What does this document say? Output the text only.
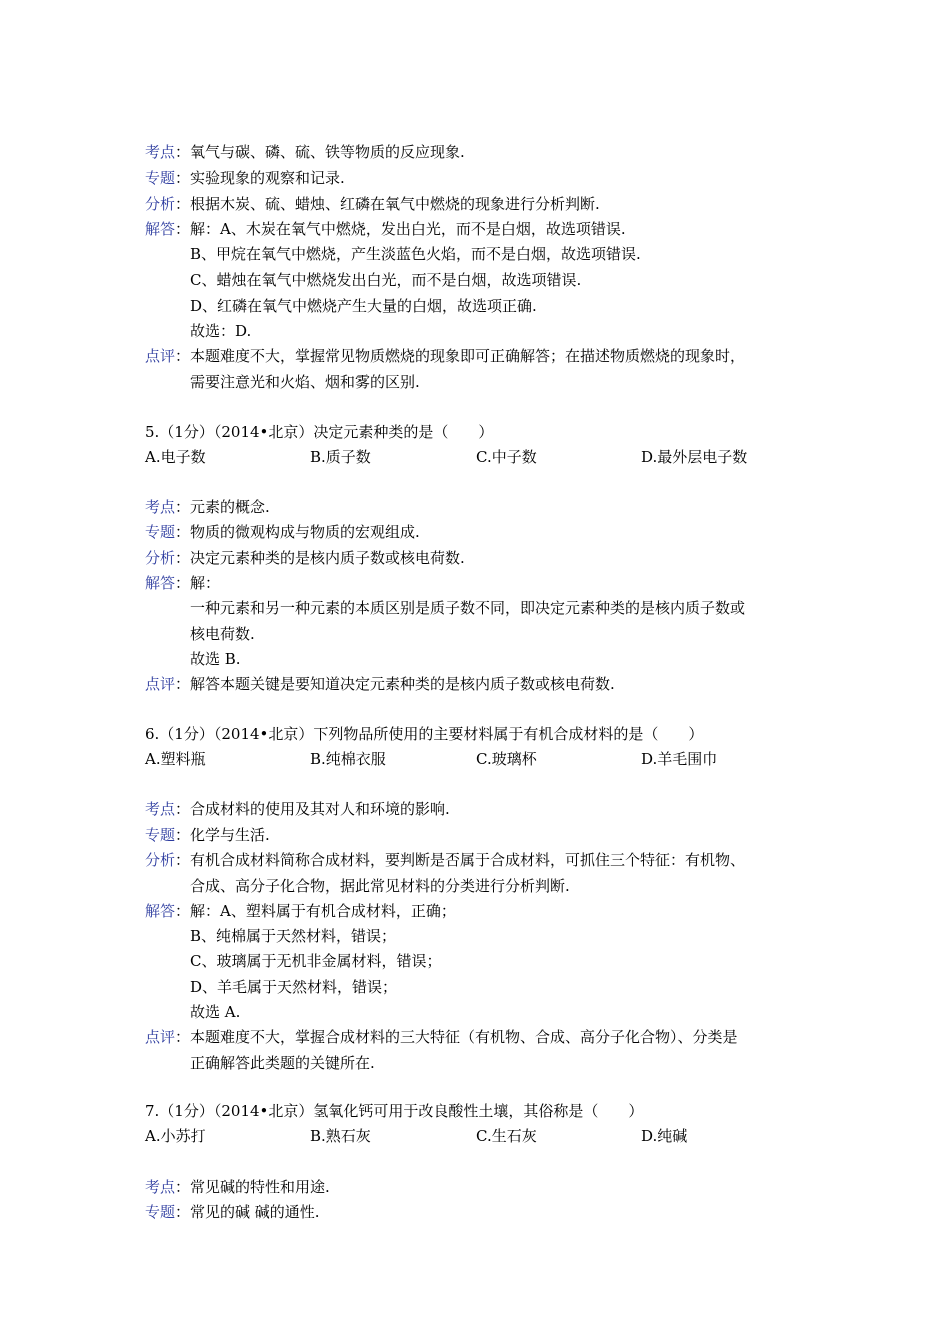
考点：氧气与碳、磷、硫、铁等物质的反应现象.
专题：实验现象的观察和记录.
分析：根据木炭、硫、蜡烛、红磷在氧气中燃烧的现象进行分析判断.
解答：解：A、木炭在氧气中燃烧，发出白光，而不是白烟，故选项错误.
B、甲烷在氧气中燃烧，产生淡蓝色火焰，而不是白烟，故选项错误.
C、蜡烛在氧气中燃烧发出白光，而不是白烟，故选项错误.
D、红磷在氧气中燃烧产生大量的白烟，故选项正确.
故选：D.
点评：本题难度不大，掌握常见物质燃烧的现象即可正确解答；在描述物质燃烧的现象时，
需要注意光和火焰、烟和雾的区别.
5.（1分）（2014•北京）决定元素种类的是（　　）
A.电子数	B.质子数	C.中子数	D.最外层电子数
考点：元素的概念.
专题：物质的微观构成与物质的宏观组成.
分析：决定元素种类的是核内质子数或核电荷数.
解答：解：
一种元素和另一种元素的本质区别是质子数不同，即决定元素种类的是核内质子数或
核电荷数.
故选 B.
点评：解答本题关键是要知道决定元素种类的是核内质子数或核电荷数.
6.（1分）（2014•北京）下列物品所使用的主要材料属于有机合成材料的是（　　）
A.塑料瓶	B.纯棉衣服	C.玻璃杯	D.羊毛围巾
考点：合成材料的使用及其对人和环境的影响.
专题：化学与生活.
分析：有机合成材料简称合成材料，要判断是否属于合成材料，可抓住三个特征：有机物、
合成、高分子化合物，据此常见材料的分类进行分析判断.
解答：解：A、塑料属于有机合成材料，正确；
B、纯棉属于天然材料，错误；
C、玻璃属于无机非金属材料，错误；
D、羊毛属于天然材料，错误；
故选 A.
点评：本题难度不大，掌握合成材料的三大特征（有机物、合成、高分子化合物）、分类是
正确解答此类题的关键所在.
7.（1分）（2014•北京）氢氧化钙可用于改良酸性土壤，其俗称是（　　）
A.小苏打	B.熟石灰	C.生石灰	D.纯碱
考点：常见碱的特性和用途.
专题：常见的碱 碱的通性.
